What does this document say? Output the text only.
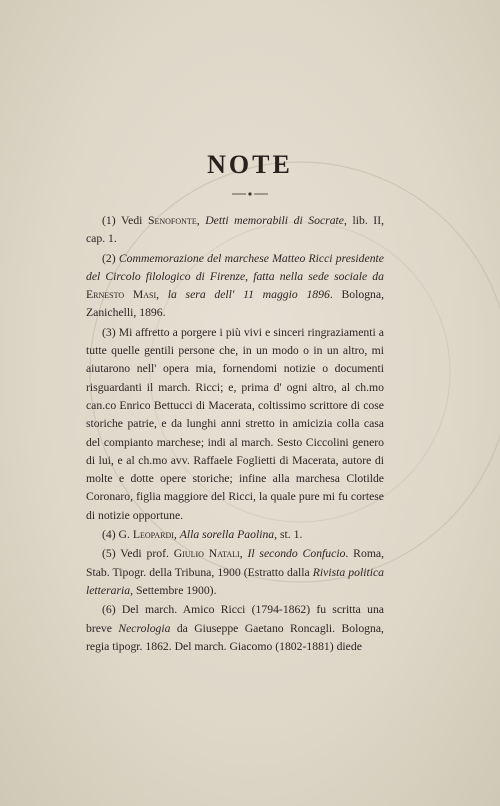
NOTE

(1) Vedi Senofonte, Detti memorabili di Socrate, lib. II, cap. 1.

(2) Commemorazione del marchese Matteo Ricci presidente del Circolo filologico di Firenze, fatta nella sede sociale da Ernesto Masi, la sera dell' 11 maggio 1896. Bologna, Zanichelli, 1896.

(3) Mi affretto a porgere i più vivi e sinceri ringraziamenti a tutte quelle gentili persone che, in un modo o in un altro, mi aiutarono nell' opera mia, fornendomi notizie o documenti risguardanti il march. Ricci; e, prima d' ogni altro, al ch.mo can.co Enrico Bettucci di Macerata, coltissimo scrittore di cose storiche patrie, e da lunghi anni stretto in amicizia colla casa del compianto marchese; indi al march. Sesto Ciccolini genero di lui, e al ch.mo avv. Raffaele Foglietti di Macerata, autore di molte e dotte opere storiche; infine alla marchesa Clotilde Coronaro, figlia maggiore del Ricci, la quale pure mi fu cortese di notizie opportune.

(4) G. Leopardi, Alla sorella Paolina, st. 1.

(5) Vedi prof. Giulio Natali, Il secondo Confucio. Roma, Stab. Tipogr. della Tribuna, 1900 (Estratto dalla Rivista politica letteraria, Settembre 1900).

(6) Del march. Amico Ricci (1794-1862) fu scritta una breve Necrologia da Giuseppe Gaetano Roncagli. Bologna, regia tipogr. 1862. Del march. Giacomo (1802-1881) diede
